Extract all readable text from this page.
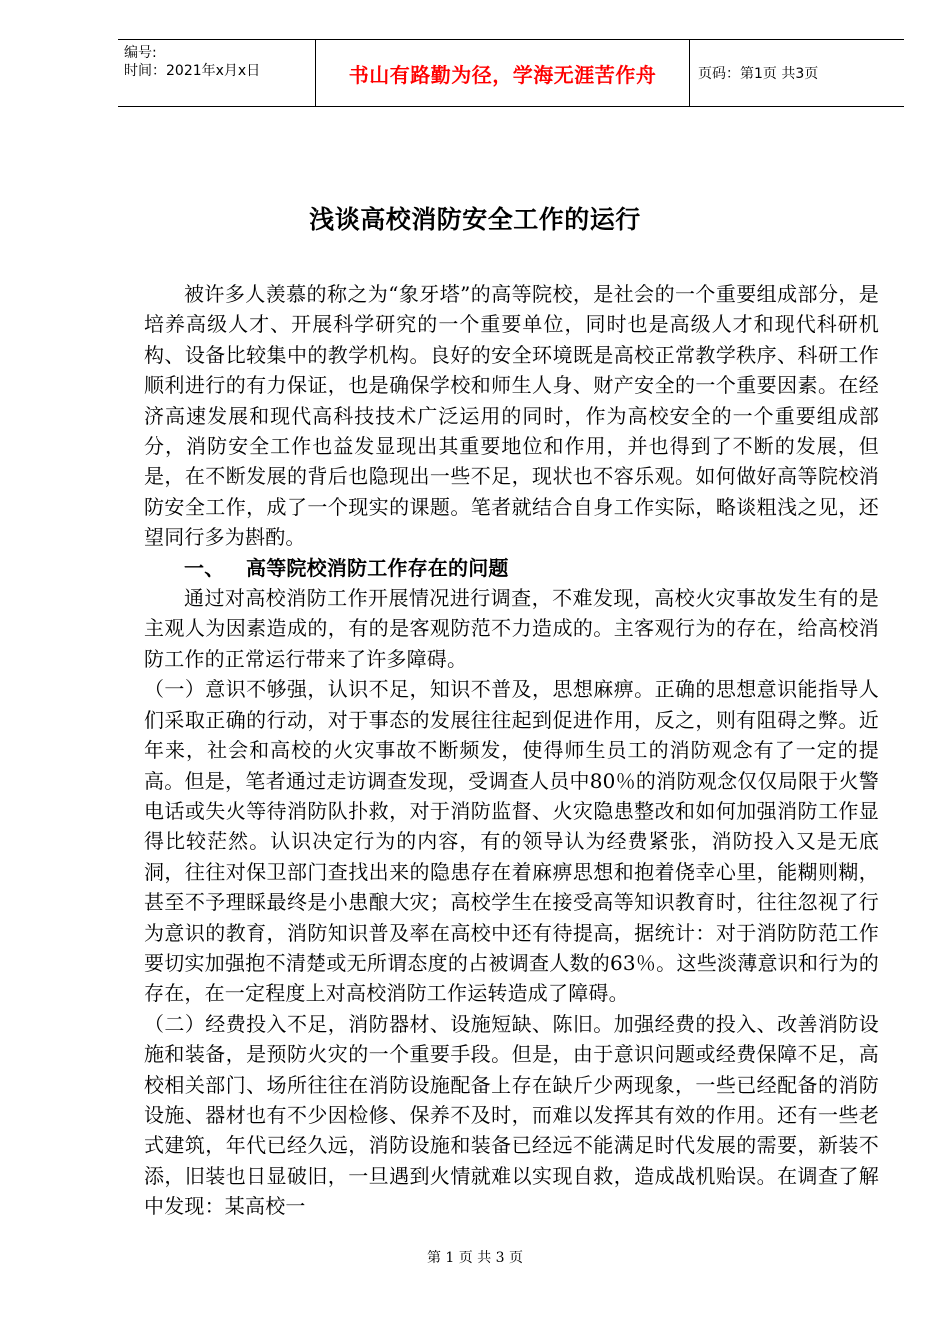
编号:
时间：2021年x月x日	书山有路勤为径，学海无涯苦作舟	页码：第1页 共3页
浅谈高校消防安全工作的运行

被许多人羡慕的称之为“象牙塔”的高等院校，是社会的一个重要组成部分，是培养高级人才、开展科学研究的一个重要单位，同时也是高级人才和现代科研机构、设备比较集中的教学机构。良好的安全环境既是高校正常教学秩序、科研工作顺利进行的有力保证，也是确保学校和师生人身、财产安全的一个重要因素。在经济高速发展和现代高科技技术广泛运用的同时，作为高校安全的一个重要组成部分，消防安全工作也益发显现出其重要地位和作用，并也得到了不断的发展，但是，在不断发展的背后也隐现出一些不足，现状也不容乐观。如何做好高等院校消防安全工作，成了一个现实的课题。笔者就结合自身工作实际，略谈粗浅之见，还望同行多为斟酌。

一、 高等院校消防工作存在的问题

通过对高校消防工作开展情况进行调查，不难发现，高校火灾事故发生有的是主观人为因素造成的，有的是客观防范不力造成的。主客观行为的存在，给高校消防工作的正常运行带来了许多障碍。

（一）意识不够强，认识不足，知识不普及，思想麻痹。正确的思想意识能指导人们采取正确的行动，对于事态的发展往往起到促进作用，反之，则有阻碍之弊。近年来，社会和高校的火灾事故不断频发，使得师生员工的消防观念有了一定的提高。但是，笔者通过走访调查发现，受调查人员中80％的消防观念仅仅局限于火警电话或失火等待消防队扑救，对于消防监督、火灾隐患整改和如何加强消防工作显得比较茫然。认识决定行为的内容，有的领导认为经费紧张，消防投入又是无底洞，往往对保卫部门查找出来的隐患存在着麻痹思想和抱着侥幸心里，能糊则糊，甚至不予理睬最终是小患酿大灾；高校学生在接受高等知识教育时，往往忽视了行为意识的教育，消防知识普及率在高校中还有待提高，据统计：对于消防防范工作要切实加强抱不清楚或无所谓态度的占被调查人数的63％。这些淡薄意识和行为的存在，在一定程度上对高校消防工作运转造成了障碍。

（二）经费投入不足，消防器材、设施短缺、陈旧。加强经费的投入、改善消防设施和装备，是预防火灾的一个重要手段。但是，由于意识问题或经费保障不足，高校相关部门、场所往往在消防设施配备上存在缺斤少两现象，一些已经配备的消防设施、器材也有不少因检修、保养不及时，而难以发挥其有效的作用。还有一些老式建筑，年代已经久远，消防设施和装备已经远不能满足时代发展的需要，新装不添，旧装也日显破旧，一旦遇到火情就难以实现自救，造成战机贻误。在调查了解中发现：某高校一

第 1 页 共 3 页
